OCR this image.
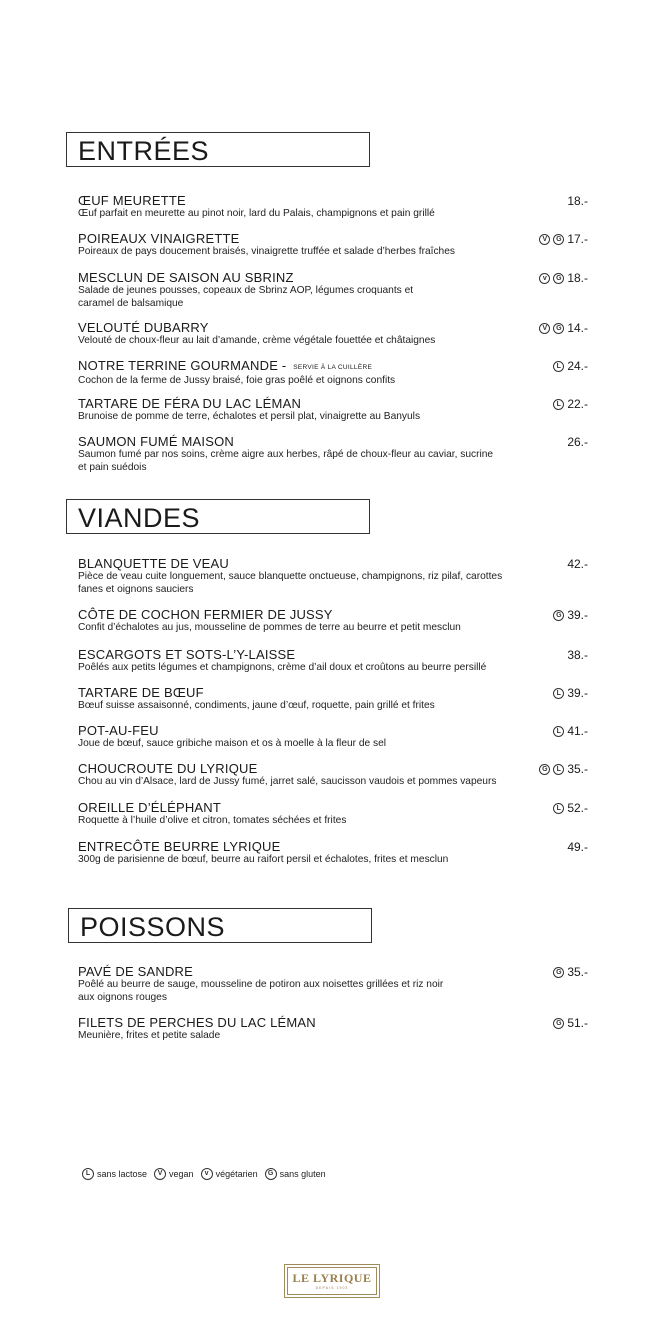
ENTRÉES
ŒUF MEURETTE
Œuf parfait en meurette au pinot noir, lard du Palais, champignons et pain grillé
18.-
POIREAUX VINAIGRETTE
Poireaux de pays doucement braisés, vinaigrette truffée et salade d’herbes fraîches
V	G 17.-
MESCLUN DE SAISON AU SBRINZ
Salade de jeunes pousses, copeaux de Sbrinz AOP, légumes croquants et caramel de balsamique
v	G 18.-
VELOUTÉ DUBARRY
Velouté de choux-fleur au lait d’amande, crème végétale fouettée et châtaignes
V	G 14.-
NOTRE TERRINE GOURMANDE - SERVIE À LA CUILLÈRE
Cochon de la ferme de Jussy braisé, foie gras poêlé et oignons confits
L 24.-
TARTARE DE FÉRA DU LAC LÉMAN
Brunoise de pomme de terre, échalotes et persil plat, vinaigrette au Banyuls
L 22.-
SAUMON FUMÉ MAISON
Saumon fumé par nos soins, crème aigre aux herbes, râpé de choux-fleur au caviar, sucrine et pain suédois
26.-
VIANDES
BLANQUETTE DE VEAU
Pièce de veau cuite longuement, sauce blanquette onctueuse, champignons, riz pilaf, carottes fanes et oignons sauciers
42.-
CÔTE DE COCHON FERMIER DE JUSSY
Confit d’échalotes au jus, mousseline de pommes de terre au beurre et petit mesclun
G 39.-
ESCARGOTS ET SOTS-L’Y-LAISSE
Poêlés aux petits légumes et champignons, crème d’ail doux et croûtons au beurre persillé
38.-
TARTARE DE BŒUF
Bœuf suisse assaisonné, condiments, jaune d’œuf, roquette, pain grillé et frites
L 39.-
POT-AU-FEU
Joue de bœuf, sauce gribiche maison et os à moelle à la fleur de sel
L 41.-
CHOUCROUTE DU LYRIQUE
Chou au vin d’Alsace, lard de Jussy fumé, jarret salé, saucisson vaudois et pommes vapeurs
G	L 35.-
OREILLE D’ÉLÉPHANT
Roquette à l’huile d’olive et citron, tomates séchées et frites
L 52.-
ENTRECÔTE BEURRE LYRIQUE
300g de parisienne de bœuf, beurre au raifort persil et échalotes, frites et mesclun
49.-
POISSONS
PAVÉ DE SANDRE
Poêlé au beurre de sauge, mousseline de potiron aux noisettes grillées et riz noir aux oignons rouges
G 35.-
FILETS DE PERCHES DU LAC LÉMAN
Meunière, frites et petite salade
G 51.-
L sans lactose	V vegan	v végétarien	G sans gluten
LE LYRIQUE
DEPUIS 1903
